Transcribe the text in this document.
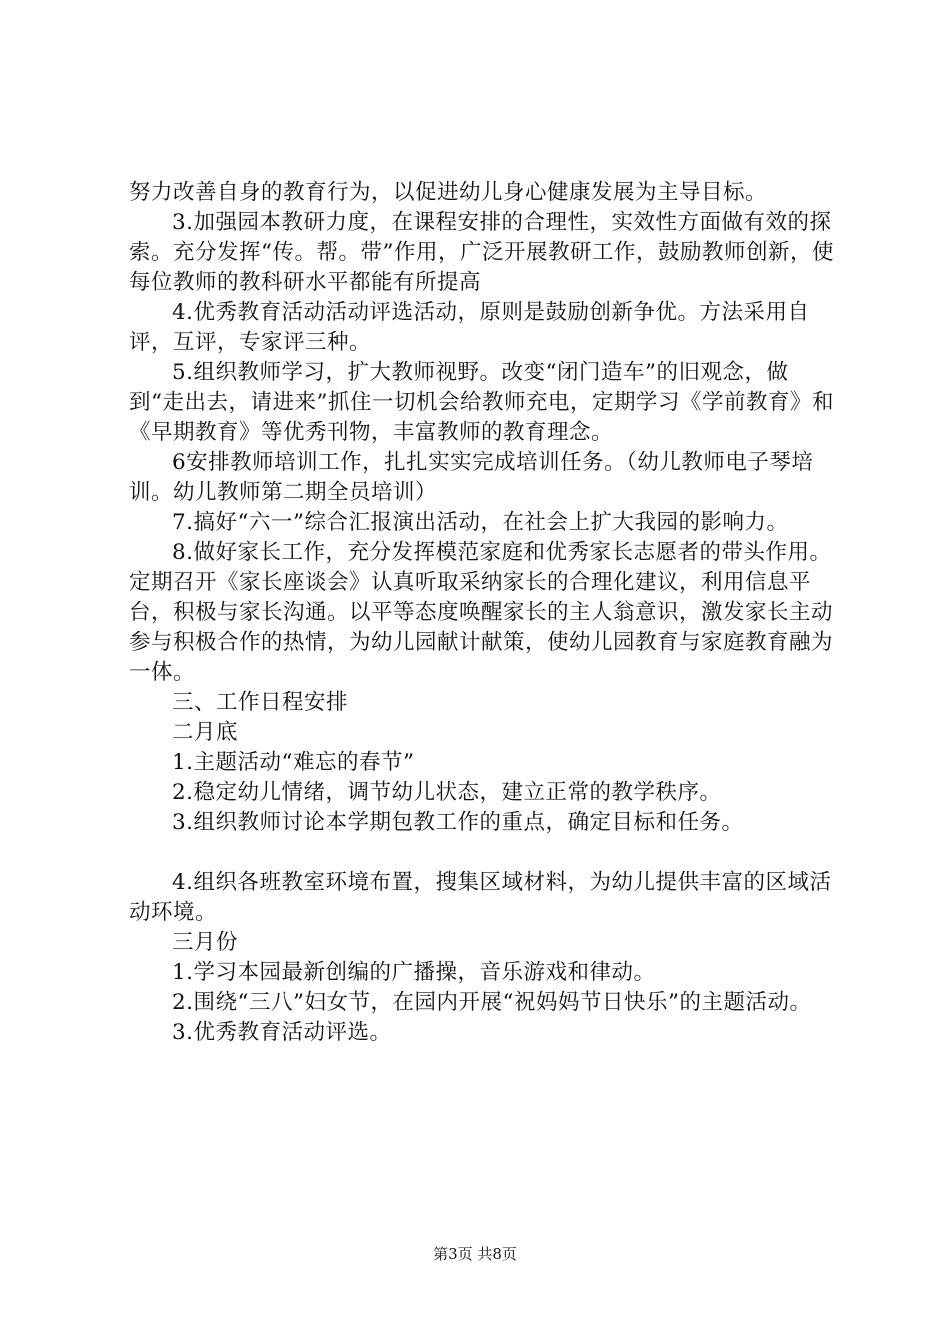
努力改善自身的教育行为，以促进幼儿身心健康发展为主导目标。

3.加强园本教研力度，在课程安排的合理性，实效性方面做有效的探索。充分发挥“传。帮。带”作用，广泛开展教研工作，鼓励教师创新，使每位教师的教科研水平都能有所提高

4.优秀教育活动活动评选活动，原则是鼓励创新争优。方法采用自评，互评，专家评三种。

5.组织教师学习，扩大教师视野。改变“闭门造车”的旧观念，做到“走出去，请进来”抓住一切机会给教师充电，定期学习《学前教育》和《早期教育》等优秀刊物，丰富教师的教育理念。

6安排教师培训工作，扎扎实实完成培训任务。（幼儿教师电子琴培训。幼儿教师第二期全员培训）

7.搞好“六一”综合汇报演出活动，在社会上扩大我园的影响力。

8.做好家长工作，充分发挥模范家庭和优秀家长志愿者的带头作用。定期召开《家长座谈会》认真听取采纳家长的合理化建议，利用信息平台，积极与家长沟通。以平等态度唤醒家长的主人翁意识，激发家长主动参与积极合作的热情，为幼儿园献计献策，使幼儿园教育与家庭教育融为一体。

三、工作日程安排

二月底

1.主题活动“难忘的春节”

2.稳定幼儿情绪，调节幼儿状态，建立正常的教学秩序。

3.组织教师讨论本学期包教工作的重点，确定目标和任务。

4.组织各班教室环境布置，搜集区域材料，为幼儿提供丰富的区域活动环境。

三月份

1.学习本园最新创编的广播操，音乐游戏和律动。

2.围绕“三八”妇女节，在园内开展“祝妈妈节日快乐”的主题活动。

3.优秀教育活动评选。

第3页 共8页
